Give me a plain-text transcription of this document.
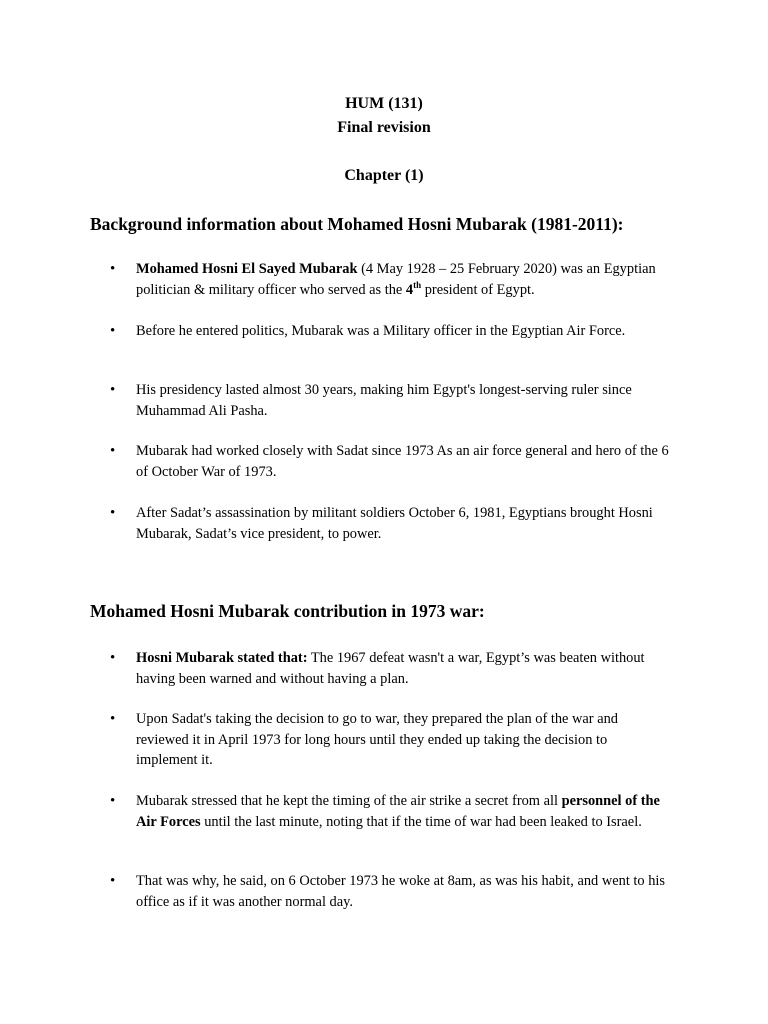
HUM (131)
Final revision
Chapter (1)
Background information about Mohamed Hosni Mubarak (1981-2011):
• Mohamed Hosni El Sayed Mubarak (4 May 1928 – 25 February 2020) was an Egyptian politician & military officer who served as the 4th president of Egypt.
• Before he entered politics, Mubarak was a Military officer in the Egyptian Air Force.
• His presidency lasted almost 30 years, making him Egypt's longest-serving ruler since Muhammad Ali Pasha.
• Mubarak had worked closely with Sadat since 1973 As an air force general and hero of the 6 of October War of 1973.
• After Sadat’s assassination by militant soldiers October 6, 1981, Egyptians brought Hosni Mubarak, Sadat’s vice president, to power.
Mohamed Hosni Mubarak contribution in 1973 war:
• Hosni Mubarak stated that: The 1967 defeat wasn't a war, Egypt’s was beaten without having been warned and without having a plan.
• Upon Sadat's taking the decision to go to war, they prepared the plan of the war and reviewed it in April 1973 for long hours until they ended up taking the decision to implement it.
• Mubarak stressed that he kept the timing of the air strike a secret from all personnel of the Air Forces until the last minute, noting that if the time of war had been leaked to Israel.
• That was why, he said, on 6 October 1973 he woke at 8am, as was his habit, and went to his office as if it was another normal day.
